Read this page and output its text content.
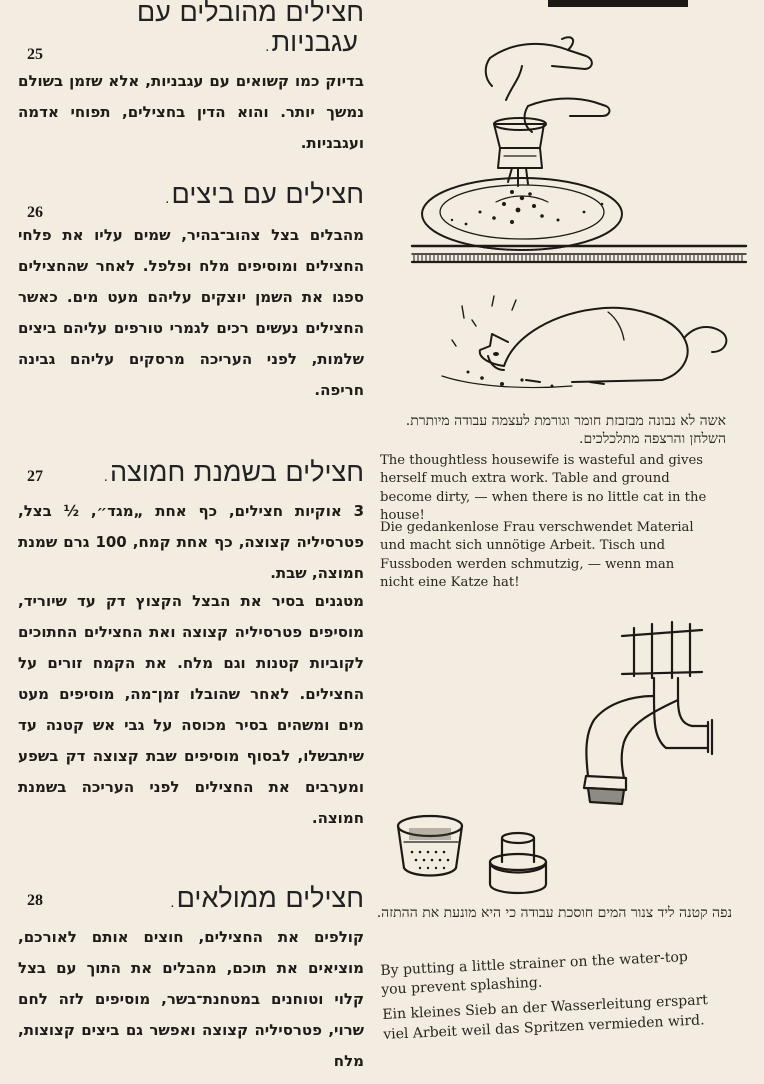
חצילים מהובלים עם
עגבניות.
25
בדיוק כמו קשואים עם עגבניות, אלא שזמן בשולם נמשך יותר. והוא הדין בחצילים, תפוחי אדמה ועגבניות.
חצילים עם ביצים.
26
מהבלים בצל צהוב־בהיר, שמים עליו את פלחי החצילים ומוסיפים מלח ופלפל. לאחר שהחצילים ספגו את השמן יוצקים עליהם מעט מים. כאשר החצילים נעשים רכים לגמרי טורפים עליהם ביצים שלמות, לפני העריכה מרסקים עליהם גבינה חריפה.
חצילים בשמנת חמוצה.
27
3 אוקיות חצילים, כף אחת „מגד״, ½ בצל, פטרסיליה קצוצה, כף אחת קמח, 100 גרם שמנת חמוצה, שבת.
מטגנים בסיר את הבצל הקצוץ דק עד שיוריד, מוסיפים פטרסיליה קצוצה ואת החצילים החתוכים לקוביות קטנות וגם מלח. את הקמח זורים על החצילים. לאחר שהובלו זמן־מה, מוסיפים מעט מים ומשהים בסיר מכוסה על גבי אש קטנה עד שיתבשלו, לבסוף מוסיפים שבת קצוצה דק בשפע ומערבים את החצילים לפני העריכה בשמנת חמוצה.
חצילים ממולאים.
28
קולפים את החצילים, חוצים אותם לאורכם, מוציאים את תוכם, מהבלים את התוך עם בצל קלוי וטוחנים במטחנת־בשר, מוסיפים לזה לחם שרוי, פטרסיליה קצוצה ואפשר גם ביצים קצוצות, מלח
אשה לא נבונה מבזבזת חומר וגורמת לעצמה עבודה מיותרת. השלחן והרצפה מתלכלכים.
The thoughtless housewife is wasteful and gives herself much extra work. Table and ground become dirty, — when there is no little cat in the house!
Die gedankenlose Frau verschwendet Material und macht sich unnötige Arbeit. Tisch und Fussboden werden schmutzig, — wenn man nicht eine Katze hat!
נפה קטנה ליד צנור המים חוסכת עבודה כי היא מונעת את ההתזה.
By putting a little strainer on the water-top you prevent splashing.
Ein kleines Sieb an der Wasserleitung erspart viel Arbeit weil das Spritzen vermieden wird.
